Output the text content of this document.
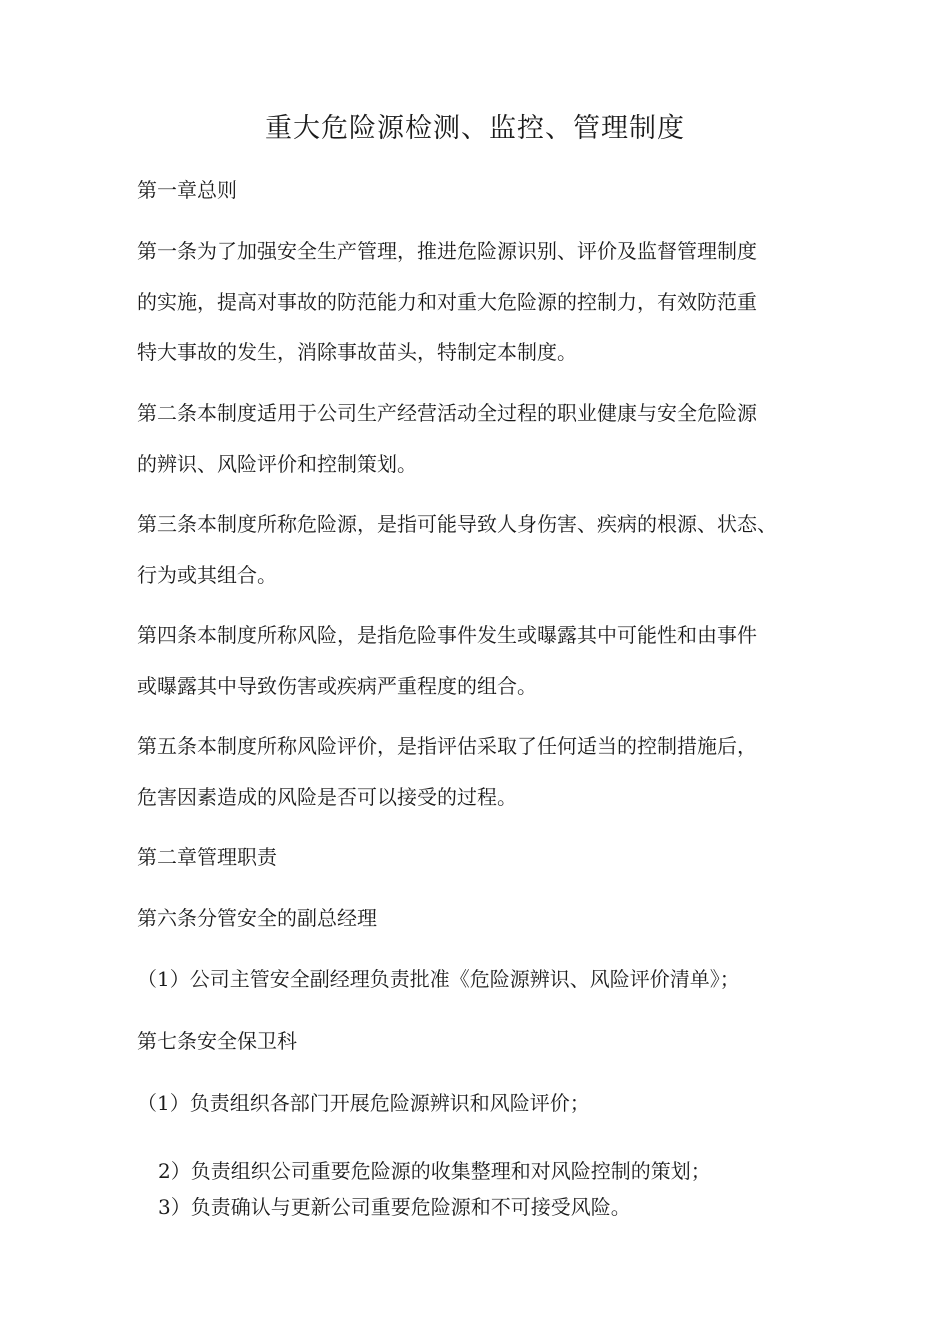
重大危险源检测、监控、管理制度
第一章总则
第一条为了加强安全生产管理，推进危险源识别、评价及监督管理制度
的实施，提高对事故的防范能力和对重大危险源的控制力，有效防范重
特大事故的发生，消除事故苗头，特制定本制度。
第二条本制度适用于公司生产经营活动全过程的职业健康与安全危险源
的辨识、风险评价和控制策划。
第三条本制度所称危险源，是指可能导致人身伤害、疾病的根源、状态、
行为或其组合。
第四条本制度所称风险，是指危险事件发生或曝露其中可能性和由事件
或曝露其中导致伤害或疾病严重程度的组合。
第五条本制度所称风险评价，是指评估采取了任何适当的控制措施后，
危害因素造成的风险是否可以接受的过程。
第二章管理职责
第六条分管安全的副总经理
（1）公司主管安全副经理负责批准《危险源辨识、风险评价清单》；
第七条安全保卫科
（1）负责组织各部门开展危险源辨识和风险评价；
2）负责组织公司重要危险源的收集整理和对风险控制的策划；
3）负责确认与更新公司重要危险源和不可接受风险。
